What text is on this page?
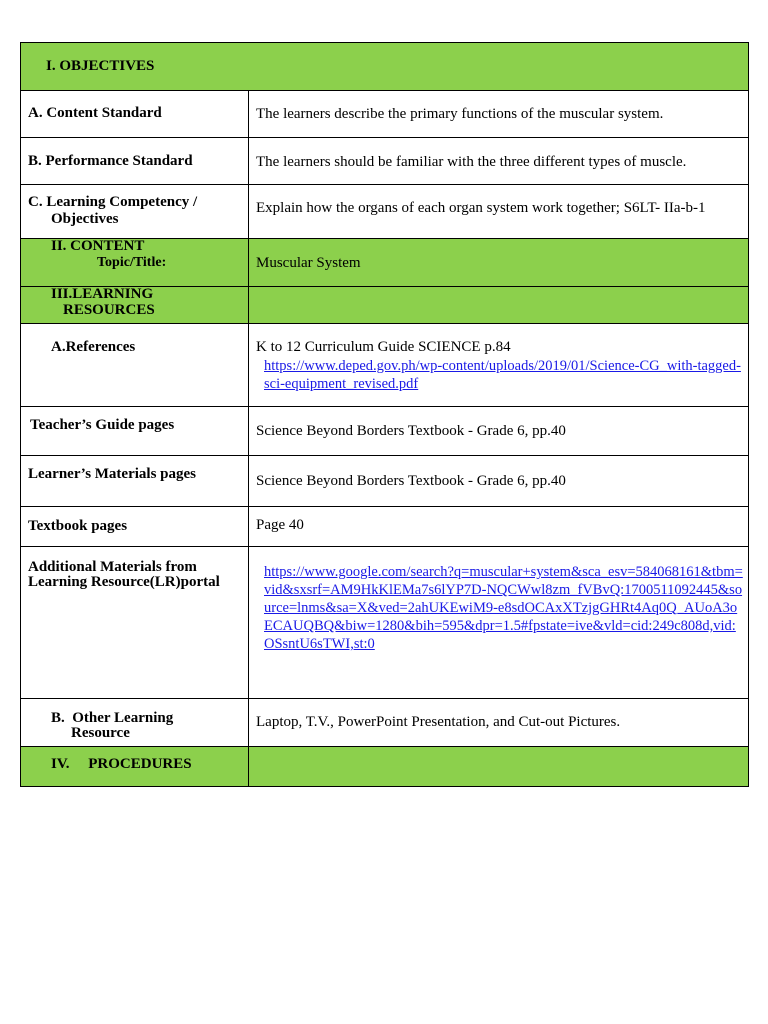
I. OBJECTIVES	

A. Content Standard	The learners describe the primary functions of the muscular system.

B. Performance Standard	The learners should be familiar with the three different types of muscle.

C. Learning Competency /
Objectives	Explain how the organs of each organ system work together; S6LT- IIa-b-1

II. CONTENT
Topic/Title:	Muscular System

III.LEARNING
RESOURCES	

A.References	K to 12 Curriculum Guide SCIENCE p.84
https://www.deped.gov.ph/wp-content/uploads/2019/01/Science-CG_with-tagged-sci-equipment_revised.pdf

Teacher’s Guide pages	Science Beyond Borders Textbook - Grade 6, pp.40

Learner’s Materials pages	Science Beyond Borders Textbook - Grade 6, pp.40

Textbook pages	Page 40

Additional Materials from
Learning Resource(LR)portal	https://www.google.com/search?q=muscular+system&sca_esv=584068161&tbm=vid&sxsrf=AM9HkKlEMa7s6lYP7D-NQCWwl8zm_fVBvQ:1700511092445&source=lnms&sa=X&ved=2ahUKEwiM9-e8sdOCAxXTzjgGHRt4Aq0Q_AUoA3oECAUQBQ&biw=1280&bih=595&dpr=1.5#fpstate=ive&vld=cid:249c808d,vid:OSsntU6sTWI,st:0

B.  Other Learning
Resource	Laptop, T.V., PowerPoint Presentation, and Cut-out Pictures.

IV.     PROCEDURES	
